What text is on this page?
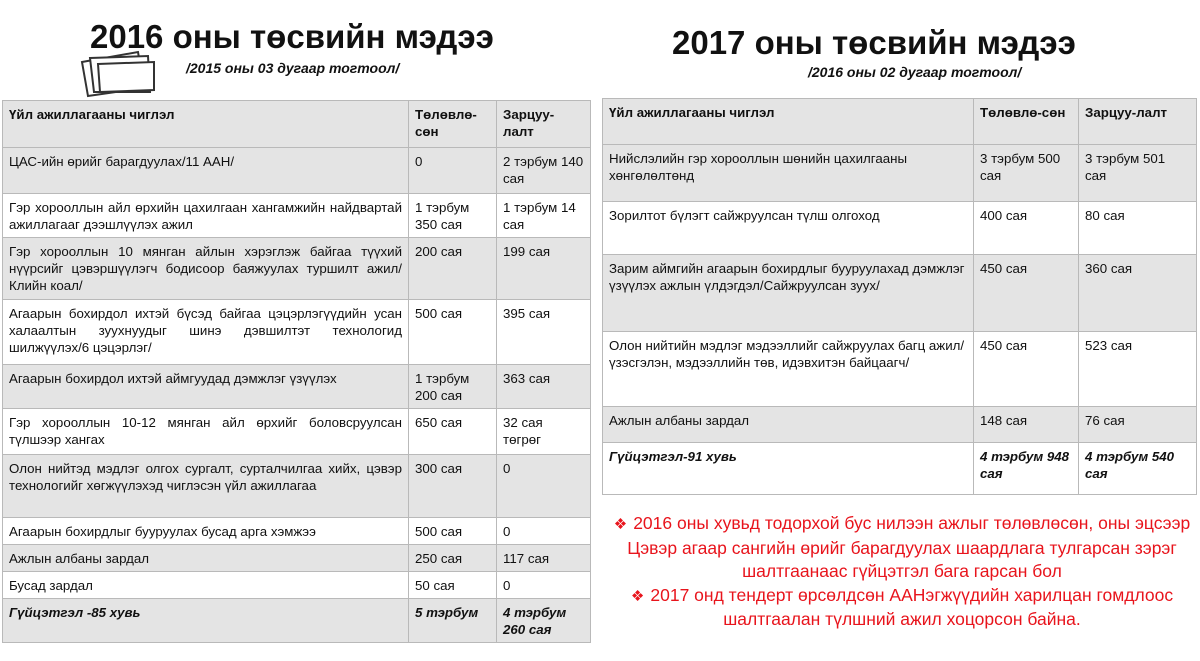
2016 оны төсвийн мэдээ
/2015 оны 03 дугаар тогтоол/
2017 оны төсвийн мэдээ
/2016 оны 02 дугаар тогтоол/
Үйл ажиллагааны чиглэл	Төлөвлө-сөн	Зарцуу-лалт
ЦАС-ийн өрийг барагдуулах/11 ААН/	0	2 тэрбум 140 сая
Гэр хорооллын айл өрхийн цахилгаан хангамжийн найдвартай ажиллагааг дээшлүүлэх ажил	1 тэрбум 350 сая	1 тэрбум 14 сая
Гэр хорооллын 10 мянган айлын хэрэглэж байгаа түүхий нүүрсийг цэвэршүүлэгч бодисоор баяжуулах туршилт ажил/Клийн коал/	200 сая	199 сая
Агаарын бохирдол ихтэй бүсэд байгаа цэцэрлэгүүдийн усан халаалтын зуухнуудыг шинэ дэвшилтэт технологид шилжүүлэх/6 цэцэрлэг/	500 сая	395 сая
Агаарын бохирдол ихтэй аймгуудад дэмжлэг үзүүлэх	1 тэрбум 200 сая	363 сая
Гэр хорооллын 10-12 мянган айл өрхийг боловсруулсан түлшээр хангах	650 сая	32 сая төгрөг
Олон нийтэд мэдлэг олгох сургалт, сурталчилгаа хийх, цэвэр технологийг хөгжүүлэхэд чиглэсэн үйл ажиллагаа	300 сая	0
Агаарын бохирдлыг бууруулах бусад арга хэмжээ	500 сая	0
Ажлын албаны зардал	250 сая	117 сая
Бусад зардал	50 сая	0
Гүйцэтгэл -85 хувь	5 тэрбум	4 тэрбум 260 сая
Үйл ажиллагааны чиглэл	Төлөвлө-сөн	Зарцуу-лалт
Нийслэлийн гэр хорооллын шөнийн цахилгааны хөнгөлөлтөнд	3 тэрбум 500 сая	3 тэрбум 501 сая
Зорилтот бүлэгт сайжруулсан түлш олгоход	400 сая	80 сая
Зарим аймгийн агаарын бохирдлыг бууруулахад дэмжлэг үзүүлэх ажлын үлдэгдэл/Сайжруулсан зуух/	450 сая	360 сая
Олон нийтийн мэдлэг мэдээллийг сайжруулах багц ажил/үзэсгэлэн, мэдээллийн төв, идэвхитэн байцаагч/	450 сая	523 сая
Ажлын албаны зардал	148 сая	76 сая
Гүйцэтгэл-91 хувь	4 тэрбум 948 сая	4 тэрбум 540 сая
❖ 2016 оны хувьд тодорхой бус нилээн ажлыг төлөвлөсөн, оны эцсээр Цэвэр агаар сангийн өрийг барагдуулах шаардлага тулгарсан зэрэг шалтгаанаас гүйцэтгэл бага гарсан бол
❖ 2017 онд тендерт өрсөлдсөн ААНэгжүүдийн харилцан гомдлоос шалтгаалан түлшний ажил хоцорсон байна.
